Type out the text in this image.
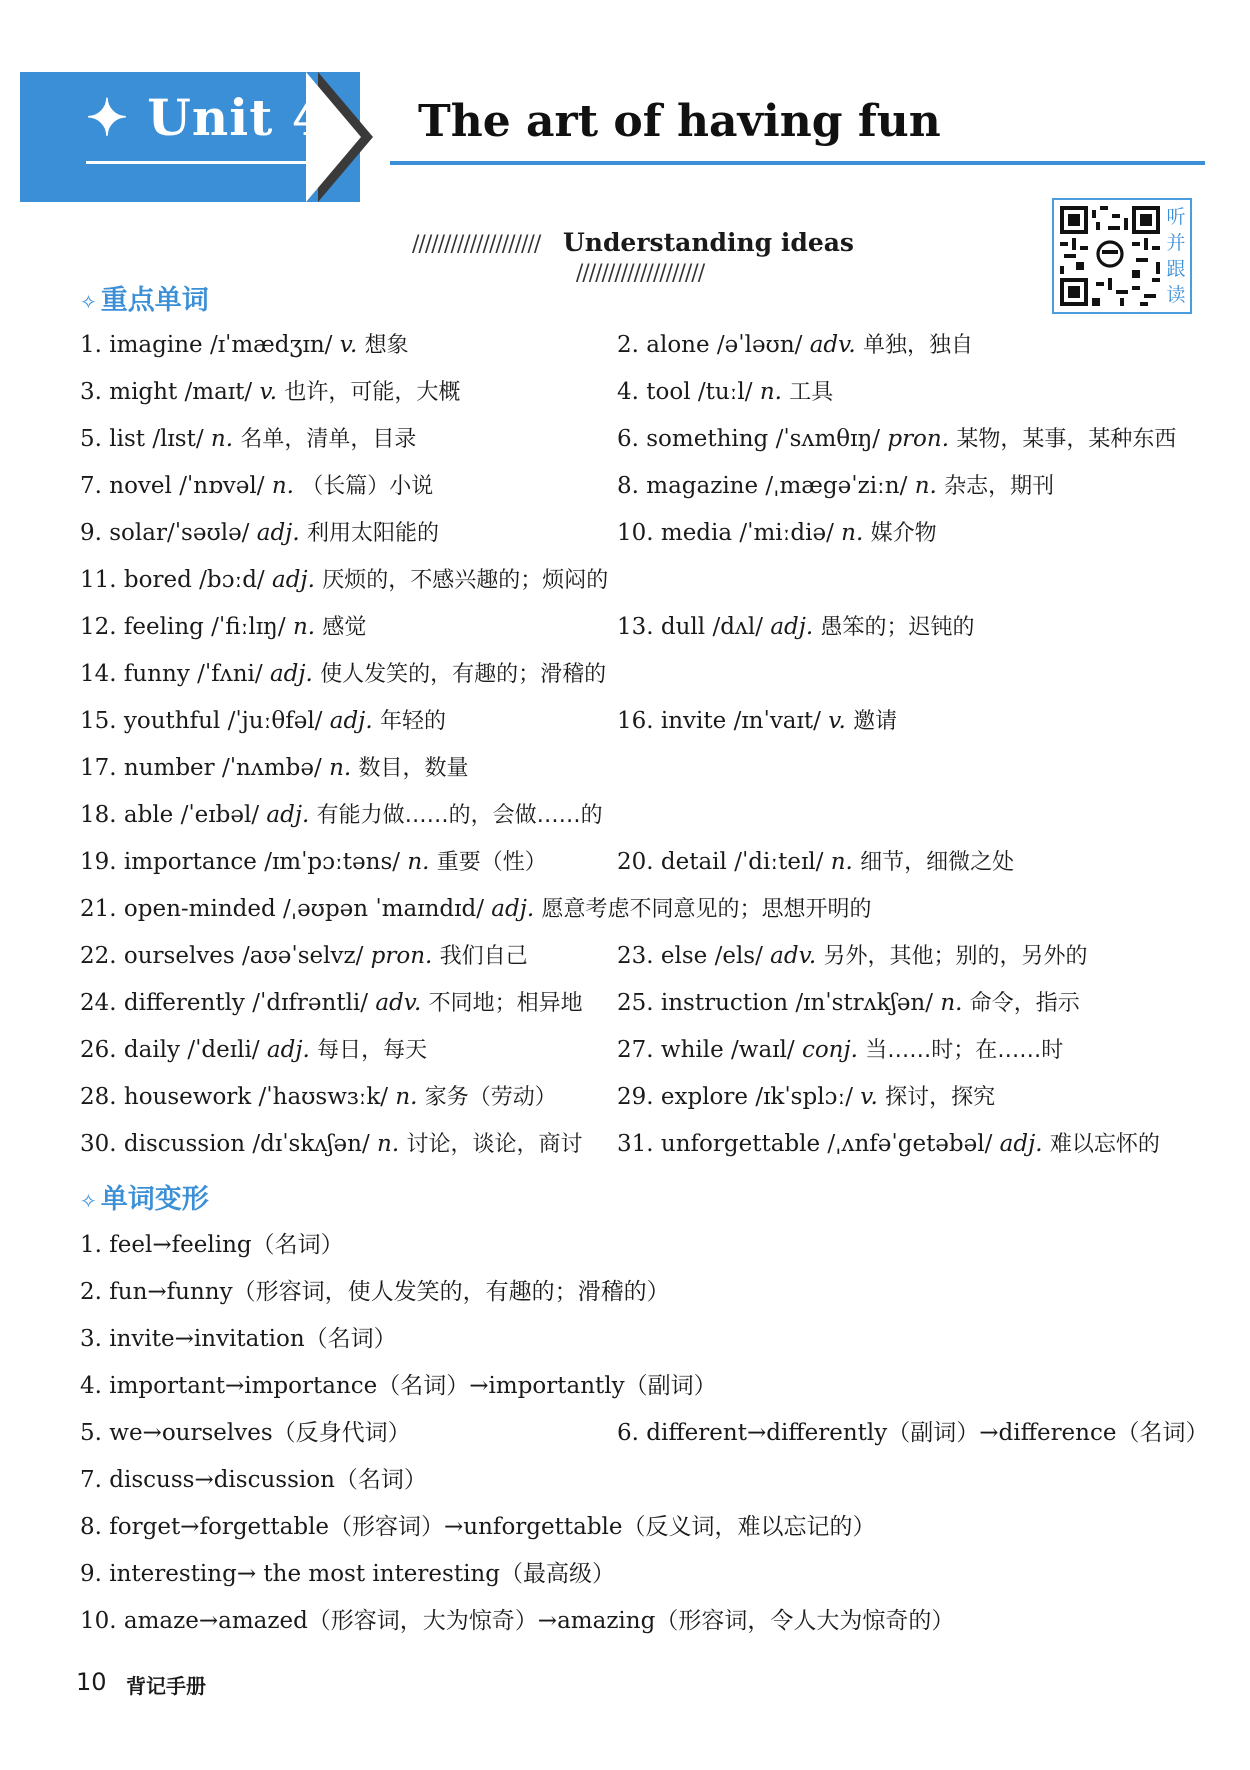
✦ Unit 4 The art of having fun
//////////////////// Understanding ideas ////////////////////
听
并
跟
读
✧ 重点单词
1. imagine /ɪˈmædʒɪn/ v. 想象	2. alone /əˈləʊn/ adv. 单独，独自
3. might /maɪt/ v. 也许，可能，大概	4. tool /tuːl/ n. 工具
5. list /lɪst/ n. 名单，清单，目录	6. something /ˈsʌmθɪŋ/ pron. 某物，某事，某种东西
7. novel /ˈnɒvəl/ n. （长篇）小说	8. magazine /ˌmægəˈziːn/ n. 杂志，期刊
9. solar/ˈsəʊlə/ adj. 利用太阳能的	10. media /ˈmiːdiə/ n. 媒介物
11. bored /bɔːd/ adj. 厌烦的，不感兴趣的；烦闷的
12. feeling /ˈfiːlɪŋ/ n. 感觉	13. dull /dʌl/ adj. 愚笨的；迟钝的
14. funny /ˈfʌni/ adj. 使人发笑的，有趣的；滑稽的
15. youthful /ˈjuːθfəl/ adj. 年轻的	16. invite /ɪnˈvaɪt/ v. 邀请
17. number /ˈnʌmbə/ n. 数目，数量
18. able /ˈeɪbəl/ adj. 有能力做……的，会做……的
19. importance /ɪmˈpɔːtəns/ n. 重要（性）	20. detail /ˈdiːteɪl/ n. 细节，细微之处
21. open-minded /ˌəʊpən ˈmaɪndɪd/ adj. 愿意考虑不同意见的；思想开明的
22. ourselves /aʊəˈselvz/ pron. 我们自己	23. else /els/ adv. 另外，其他；别的，另外的
24. differently /ˈdɪfrəntli/ adv. 不同地；相异地 25. instruction /ɪnˈstrʌkʃən/ n. 命令，指示
26. daily /ˈdeɪli/ adj. 每日，每天	27. while /waɪl/ conj. 当……时；在……时
28. housework /ˈhaʊswɜːk/ n. 家务（劳动）	29. explore /ɪkˈsplɔː/ v. 探讨，探究
30. discussion /dɪˈskʌʃən/ n. 讨论，谈论，商讨 31. unforgettable /ˌʌnfəˈgetəbəl/ adj. 难以忘怀的
✧ 单词变形
1. feel→feeling（名词）
2. fun→funny（形容词，使人发笑的，有趣的；滑稽的）
3. invite→invitation（名词）
4. important→importance（名词）→importantly（副词）
5. we→ourselves（反身代词）	6. different→differently（副词）→difference（名词）
7. discuss→discussion（名词）
8. forget→forgettable（形容词）→unforgettable（反义词，难以忘记的）
9. interesting→ the most interesting（最高级）
10. amaze→amazed（形容词，大为惊奇）→amazing（形容词，令人大为惊奇的）
10 背记手册
